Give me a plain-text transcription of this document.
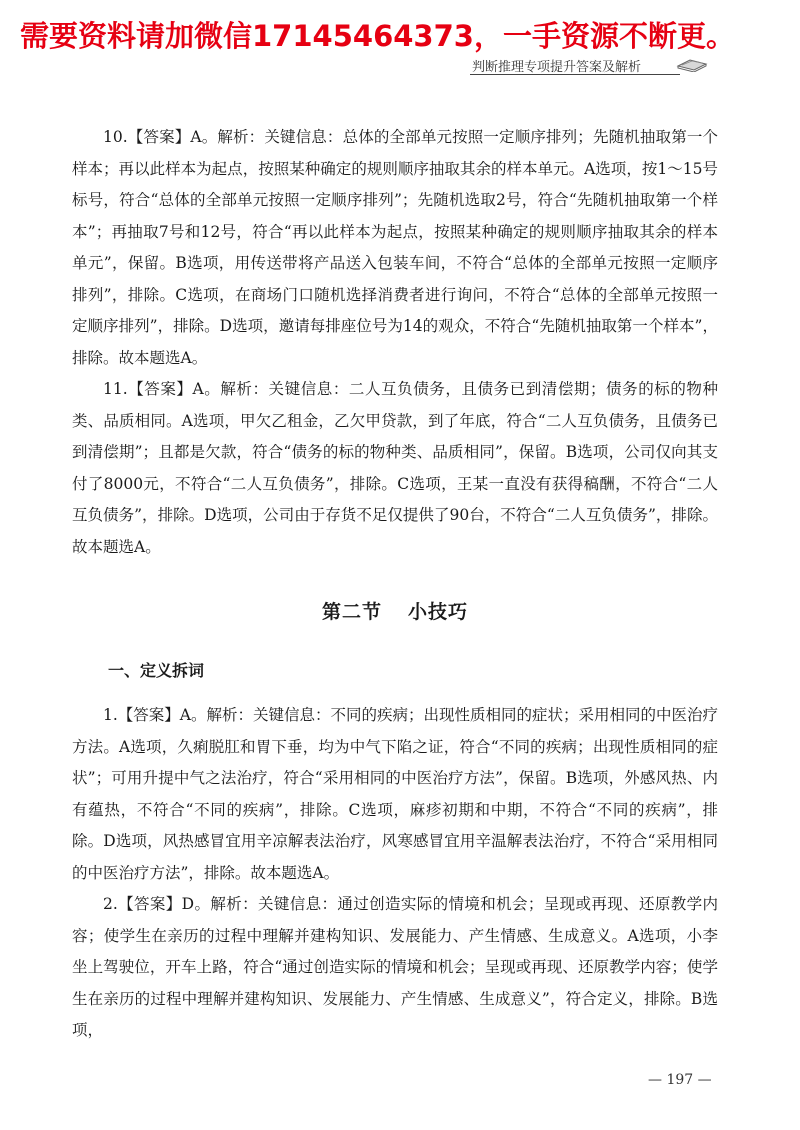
需要资料请加微信17145464373，一手资源不断更。
判断推理专项提升答案及解析

10.【答案】A。解析：关键信息：总体的全部单元按照一定顺序排列；先随机抽取第一个样本；再以此样本为起点，按照某种确定的规则顺序抽取其余的样本单元。A选项，按1～15号标号，符合“总体的全部单元按照一定顺序排列”；先随机选取2号，符合“先随机抽取第一个样本”；再抽取7号和12号，符合“再以此样本为起点，按照某种确定的规则顺序抽取其余的样本单元”，保留。B选项，用传送带将产品送入包装车间，不符合“总体的全部单元按照一定顺序排列”，排除。C选项，在商场门口随机选择消费者进行询问，不符合“总体的全部单元按照一定顺序排列”，排除。D选项，邀请每排座位号为14的观众，不符合“先随机抽取第一个样本”，排除。故本题选A。

11.【答案】A。解析：关键信息：二人互负债务，且债务已到清偿期；债务的标的物种类、品质相同。A选项，甲欠乙租金，乙欠甲贷款，到了年底，符合“二人互负债务，且债务已到清偿期”；且都是欠款，符合“债务的标的物种类、品质相同”，保留。B选项，公司仅向其支付了8000元，不符合“二人互负债务”，排除。C选项，王某一直没有获得稿酬，不符合“二人互负债务”，排除。D选项，公司由于存货不足仅提供了90台，不符合“二人互负债务”，排除。故本题选A。

第二节 小技巧
一、定义拆词

1.【答案】A。解析：关键信息：不同的疾病；出现性质相同的症状；采用相同的中医治疗方法。A选项，久痢脱肛和胃下垂，均为中气下陷之证，符合“不同的疾病；出现性质相同的症状”；可用升提中气之法治疗，符合“采用相同的中医治疗方法”，保留。B选项，外感风热、内有蕴热，不符合“不同的疾病”，排除。C选项，麻疹初期和中期，不符合“不同的疾病”，排除。D选项，风热感冒宜用辛凉解表法治疗，风寒感冒宜用辛温解表法治疗，不符合“采用相同的中医治疗方法”，排除。故本题选A。

2.【答案】D。解析：关键信息：通过创造实际的情境和机会；呈现或再现、还原教学内容；使学生在亲历的过程中理解并建构知识、发展能力、产生情感、生成意义。A选项，小李坐上驾驶位，开车上路，符合“通过创造实际的情境和机会；呈现或再现、还原教学内容；使学生在亲历的过程中理解并建构知识、发展能力、产生情感、生成意义”，符合定义，排除。B选项，

— 197 —
